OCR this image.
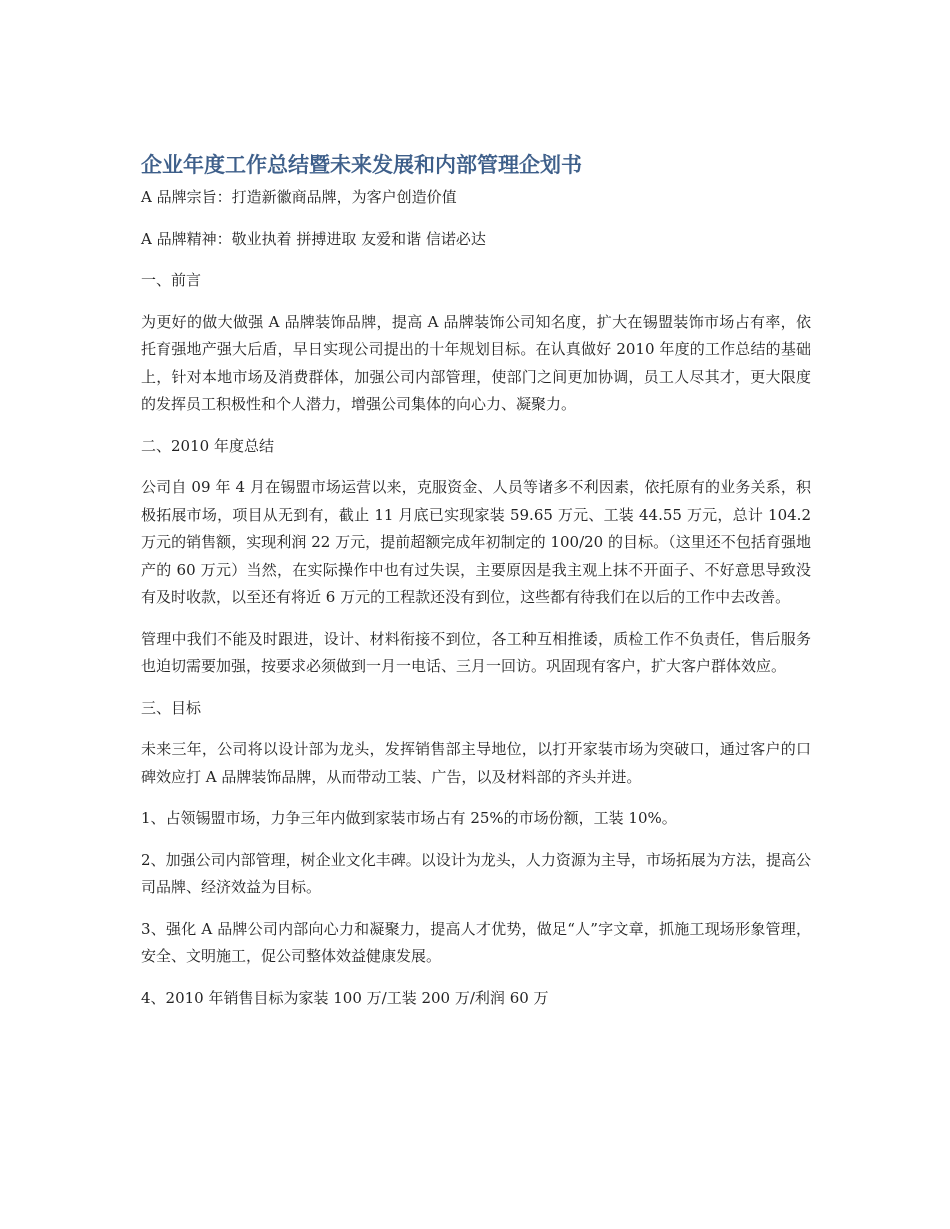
企业年度工作总结暨未来发展和内部管理企划书

A 品牌宗旨：打造新徽商品牌，为客户创造价值

A 品牌精神：敬业执着 拼搏进取 友爱和谐 信诺必达

一、前言

为更好的做大做强 A 品牌装饰品牌，提高 A 品牌装饰公司知名度，扩大在锡盟装饰市场占有率，依托育强地产强大后盾，早日实现公司提出的十年规划目标。在认真做好 2010 年度的工作总结的基础上，针对本地市场及消费群体，加强公司内部管理，使部门之间更加协调，员工人尽其才，更大限度的发挥员工积极性和个人潜力，增强公司集体的向心力、凝聚力。

二、2010 年度总结

公司自 09 年 4 月在锡盟市场运营以来，克服资金、人员等诸多不利因素，依托原有的业务关系，积极拓展市场，项目从无到有，截止 11 月底已实现家装 59.65 万元、工装 44.55 万元，总计 104.2 万元的销售额，实现利润 22 万元，提前超额完成年初制定的 100/20 的目标。（这里还不包括育强地产的 60 万元）当然，在实际操作中也有过失误，主要原因是我主观上抹不开面子、不好意思导致没有及时收款，以至还有将近 6 万元的工程款还没有到位，这些都有待我们在以后的工作中去改善。

管理中我们不能及时跟进，设计、材料衔接不到位，各工种互相推诿，质检工作不负责任，售后服务也迫切需要加强，按要求必须做到一月一电话、三月一回访。巩固现有客户，扩大客户群体效应。

三、目标

未来三年，公司将以设计部为龙头，发挥销售部主导地位，以打开家装市场为突破口，通过客户的口碑效应打 A 品牌装饰品牌，从而带动工装、广告，以及材料部的齐头并进。

1、占领锡盟市场，力争三年内做到家装市场占有 25%的市场份额，工装 10%。

2、加强公司内部管理，树企业文化丰碑。以设计为龙头，人力资源为主导，市场拓展为方法，提高公司品牌、经济效益为目标。

3、强化 A 品牌公司内部向心力和凝聚力，提高人才优势，做足“人”字文章，抓施工现场形象管理，安全、文明施工，促公司整体效益健康发展。

4、2010 年销售目标为家装 100 万/工装 200 万/利润 60 万
